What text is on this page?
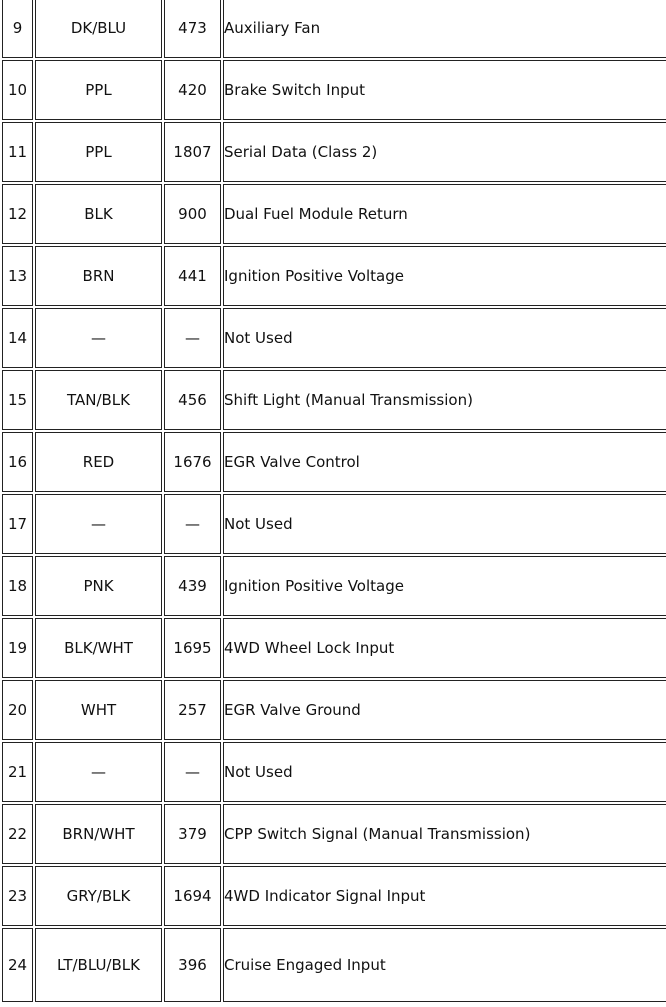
9	DK/BLU	473	Auxiliary Fan
10	PPL	420	Brake Switch Input
11	PPL	1807	Serial Data (Class 2)
12	BLK	900	Dual Fuel Module Return
13	BRN	441	Ignition Positive Voltage
14	—	—	Not Used
15	TAN/BLK	456	Shift Light (Manual Transmission)
16	RED	1676	EGR Valve Control
17	—	—	Not Used
18	PNK	439	Ignition Positive Voltage
19	BLK/WHT	1695	4WD Wheel Lock Input
20	WHT	257	EGR Valve Ground
21	—	—	Not Used
22	BRN/WHT	379	CPP Switch Signal (Manual Transmission)
23	GRY/BLK	1694	4WD Indicator Signal Input
24	LT/BLU/BLK	396	Cruise Engaged Input
